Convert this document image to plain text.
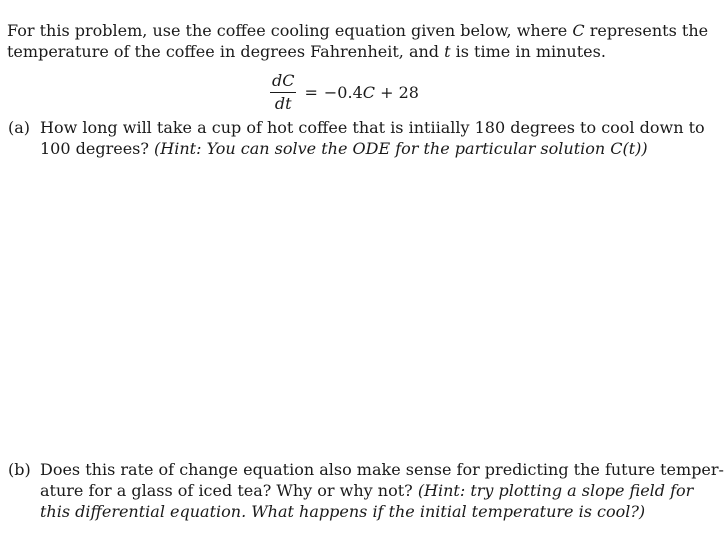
For this problem, use the coffee cooling equation given below, where C represents the
temperature of the coffee in degrees Fahrenheit, and t is time in minutes.

$\frac{dC}{dt} = -0.4C + 28$
(a) How long will take a cup of hot coffee that is intiially 180 degrees to cool down to
100 degrees? (Hint: You can solve the ODE for the particular solution C(t))
(b) Does this rate of change equation also make sense for predicting the future temper-
ature for a glass of iced tea? Why or why not? (Hint: try plotting a slope field for
this differential equation. What happens if the initial temperature is cool?)
